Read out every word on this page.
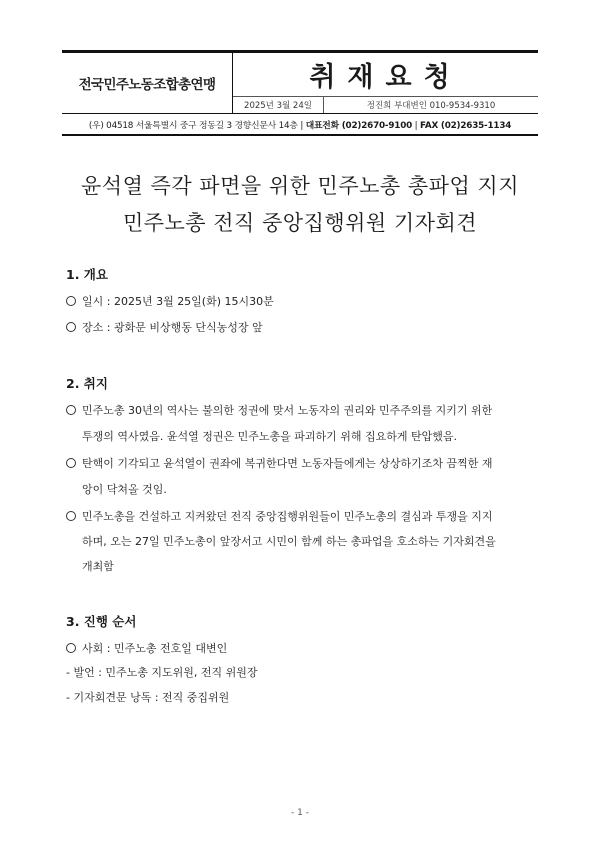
전국민주노동조합총연맹	취재요청
2025년 3월 24일	정진희 부대변인 010-9534-9310
(우) 04518 서울특별시 중구 정동길 3 경향신문사 14층 | 대표전화 (02)2670-9100 | FAX (02)2635-1134
윤석열 즉각 파면을 위한 민주노총 총파업 지지
민주노총 전직 중앙집행위원 기자회견
1. 개요
일시 : 2025년 3월 25일(화) 15시30분
장소 : 광화문 비상행동 단식농성장 앞
2. 취지
민주노총 30년의 역사는 불의한 정권에 맞서 노동자의 권리와 민주주의를 지키기 위한
투쟁의 역사였음. 윤석열 정권은 민주노총을 파괴하기 위해 집요하게 탄압했음.
탄핵이 기각되고 윤석열이 권좌에 복귀한다면 노동자들에게는 상상하기조차 끔찍한 재
앙이 닥쳐올 것임.
민주노총을 건설하고 지켜왔던 전직 중앙집행위원들이 민주노총의 결심과 투쟁을 지지
하며, 오는 27일 민주노총이 앞장서고 시민이 함께 하는 총파업을 호소하는 기자회견을
개최함
3. 진행 순서
사회 : 민주노총 전호일 대변인
- 발언 : 민주노총 지도위원, 전직 위원장
- 기자회견문 낭독 : 전직 중집위원
- 1 -
